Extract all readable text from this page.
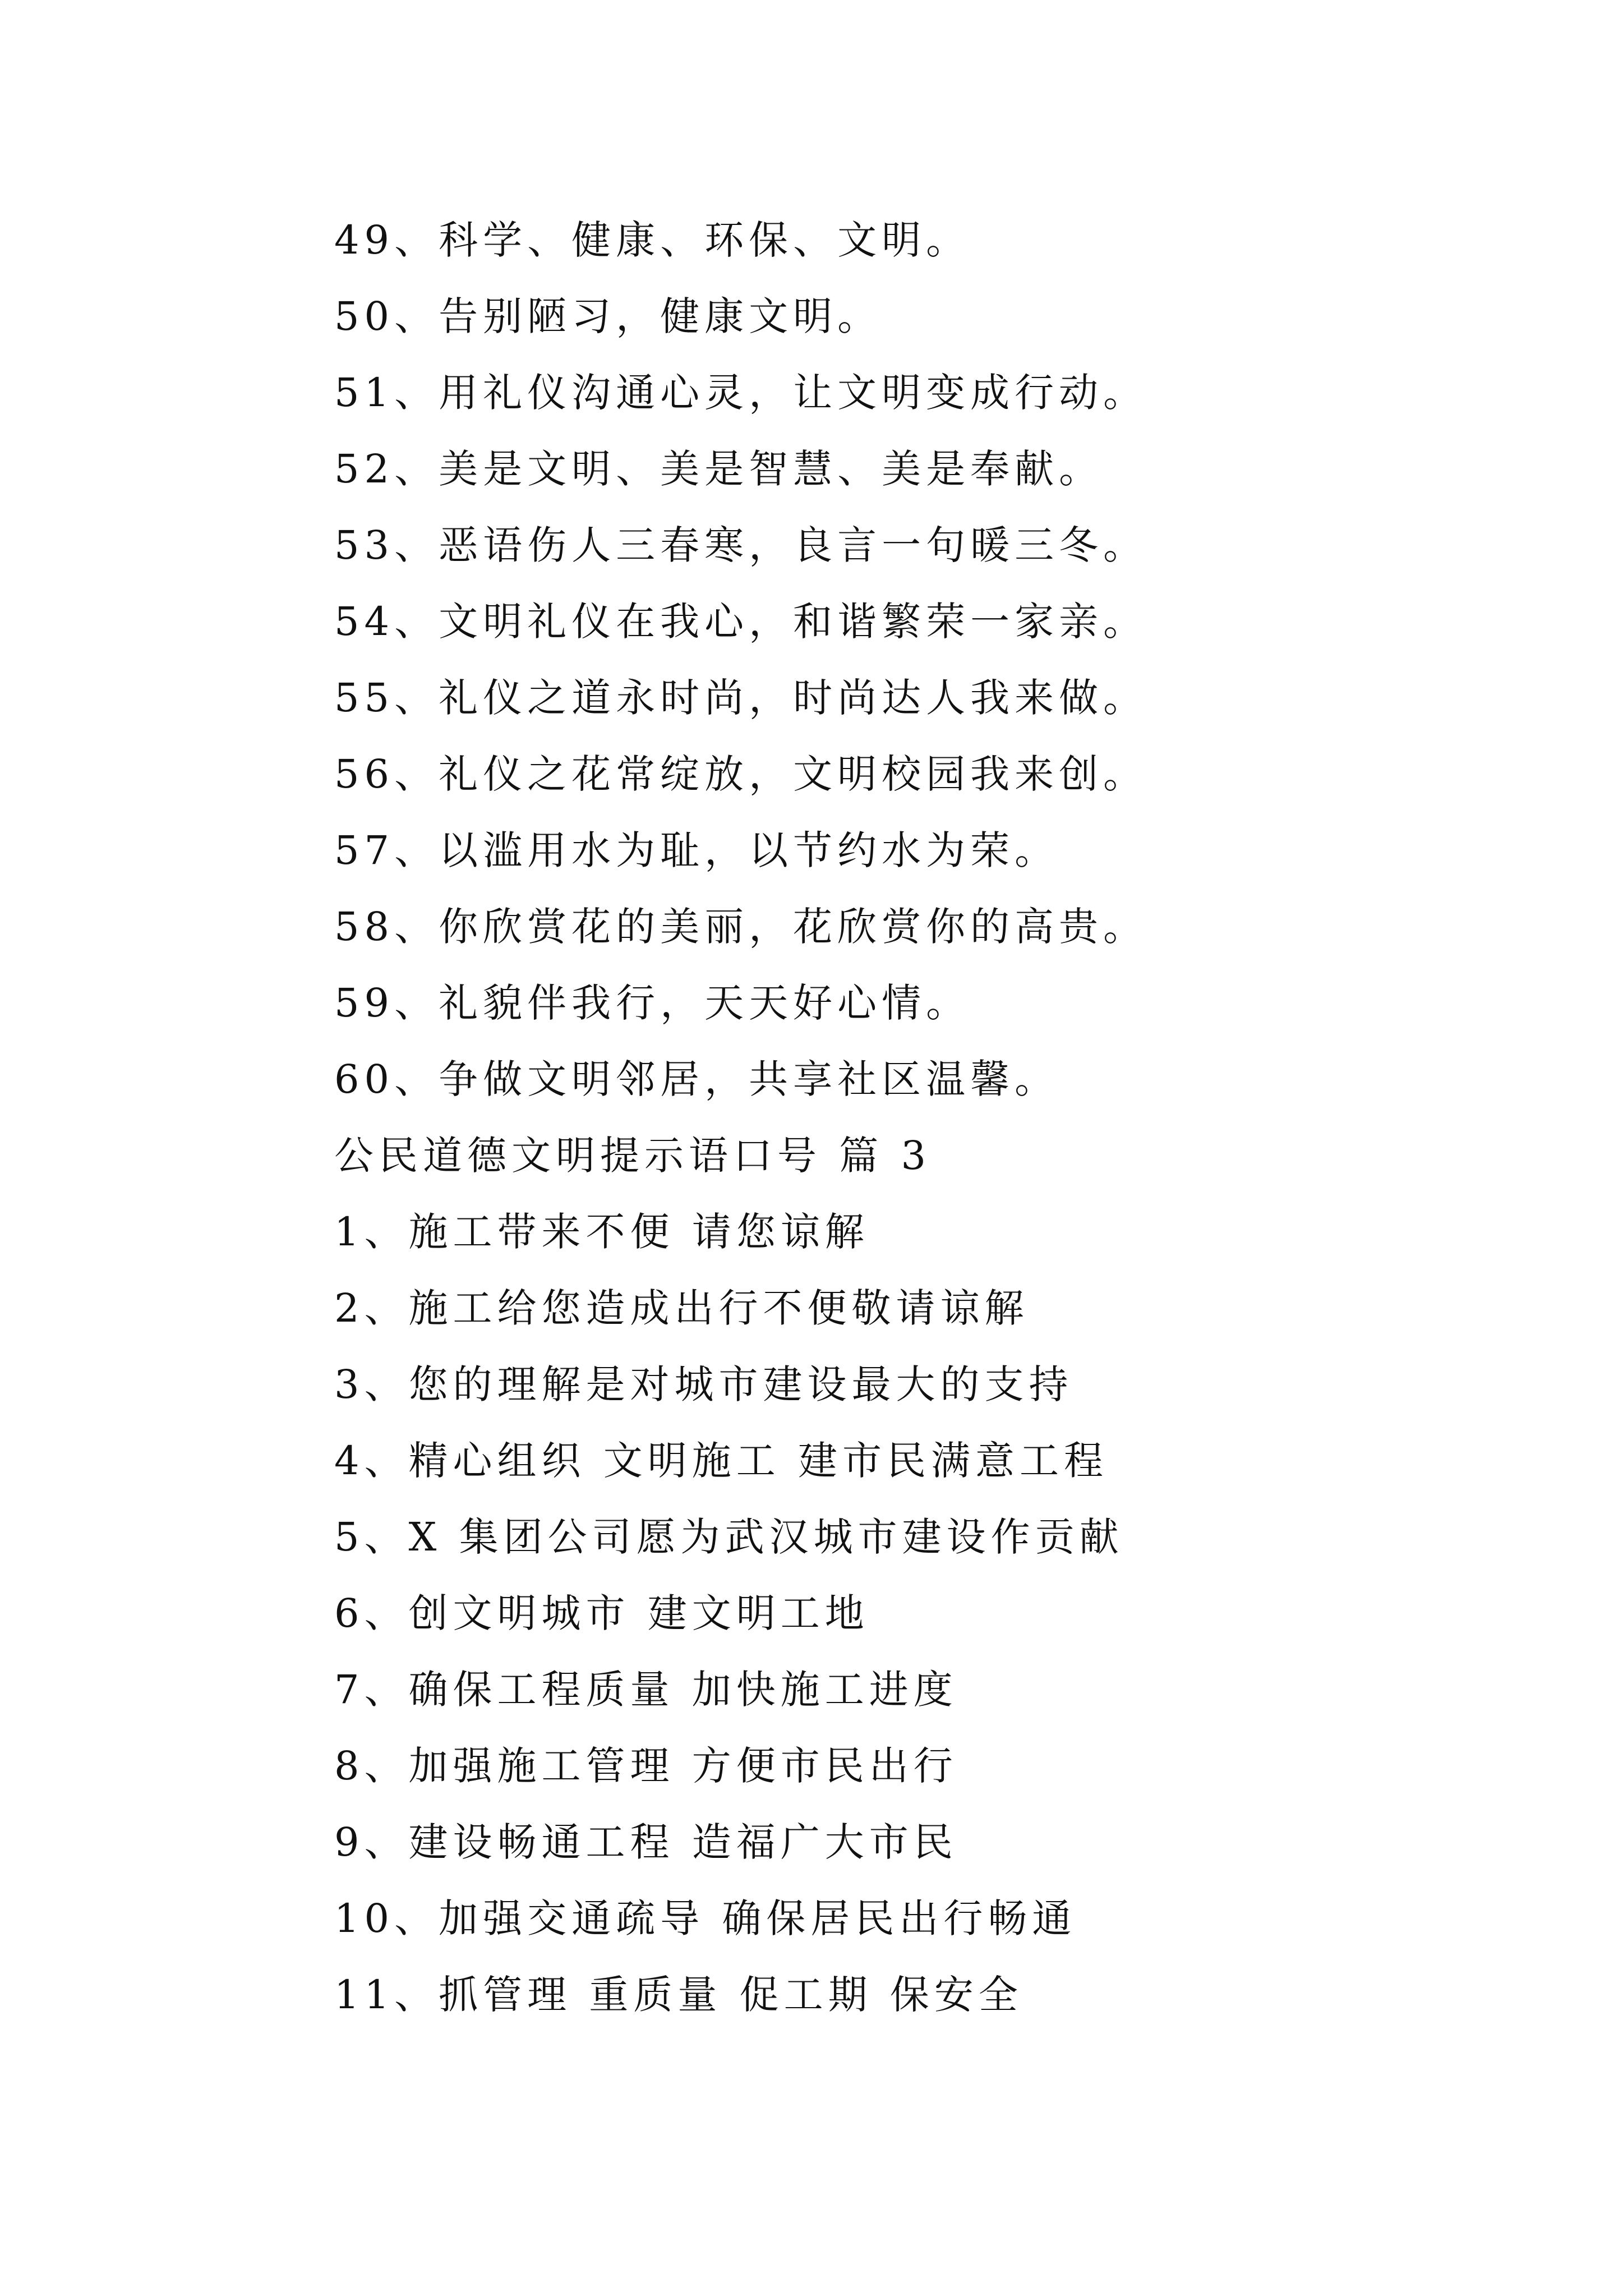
49、科学、健康、环保、文明。
50、告别陋习，健康文明。
51、用礼仪沟通心灵，让文明变成行动。
52、美是文明、美是智慧、美是奉献。
53、恶语伤人三春寒，良言一句暖三冬。
54、文明礼仪在我心，和谐繁荣一家亲。
55、礼仪之道永时尚，时尚达人我来做。
56、礼仪之花常绽放，文明校园我来创。
57、以滥用水为耻，以节约水为荣。
58、你欣赏花的美丽，花欣赏你的高贵。
59、礼貌伴我行，天天好心情。
60、争做文明邻居，共享社区温馨。
公民道德文明提示语口号 篇 3
1、施工带来不便 请您谅解
2、施工给您造成出行不便敬请谅解
3、您的理解是对城市建设最大的支持
4、精心组织 文明施工 建市民满意工程
5、X 集团公司愿为武汉城市建设作贡献
6、创文明城市 建文明工地
7、确保工程质量 加快施工进度
8、加强施工管理 方便市民出行
9、建设畅通工程 造福广大市民
10、加强交通疏导 确保居民出行畅通
11、抓管理 重质量 促工期 保安全
